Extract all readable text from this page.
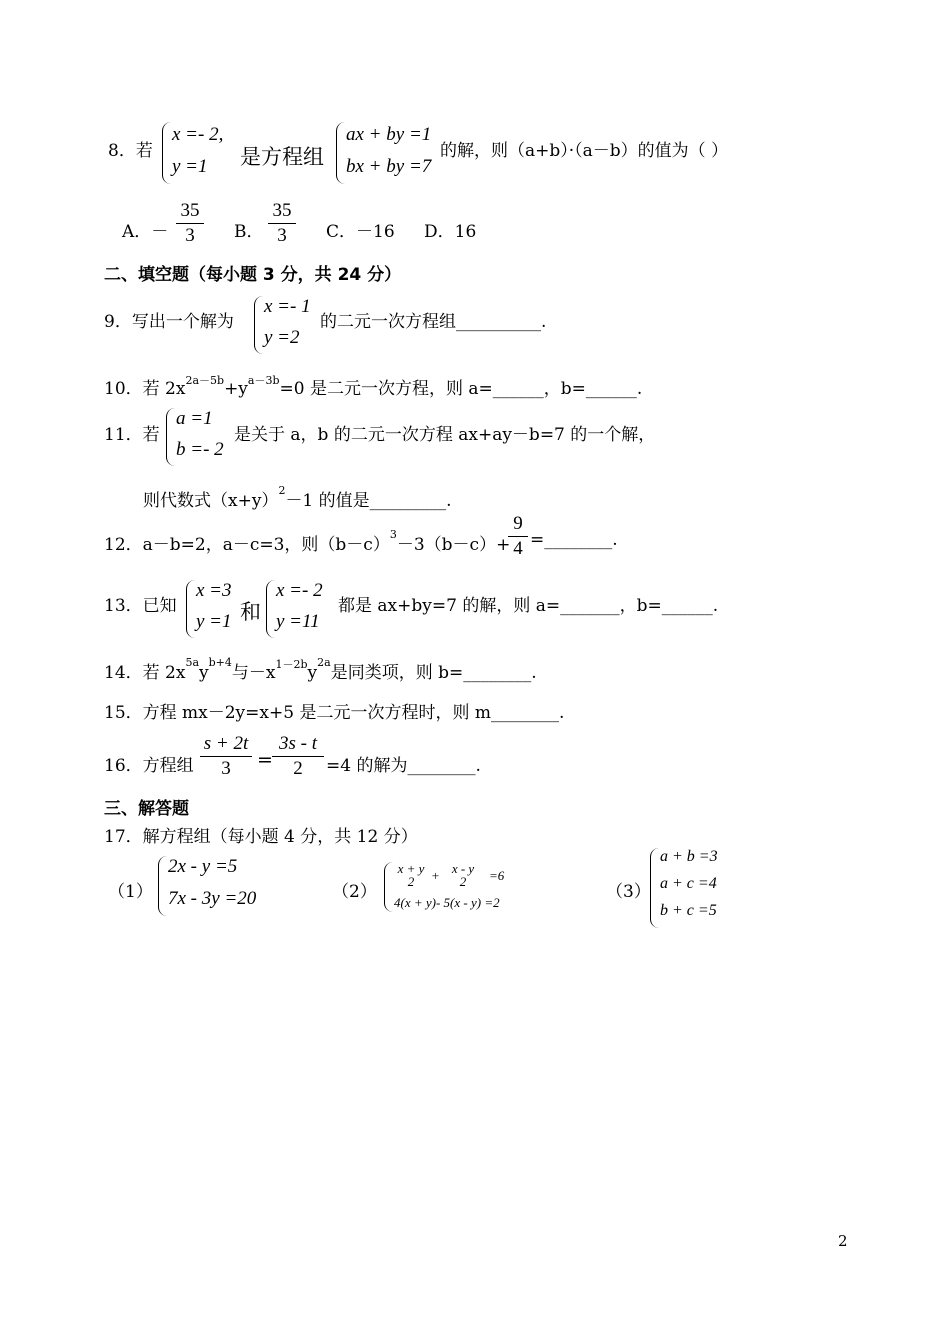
8．若
x =- 2,
y =1 是方程组
ax + by =1
bx + by =7
的解，则（a+b）·（a－b）的值为（ ）
A．－
35
3	B．
35
3	C．－16 D．16
二、填空题（每小题 3 分，共 24 分）
9．写出一个解为
x =- 1
y =2
的二元一次方程组__________.
10．若 $2x^{2a-5b}+y^{a-3b}=0$ 是二元一次方程，则 a=______，b=______.
11．若
a =1
b =- 2
是关于 a，b 的二元一次方程 ax+ay－b=7 的一个解，
则代数式$(x+y)^2-1$ 的值是_________.
12．a－b=2，a－c=3，则$(b-c)^3-3(b-c)+$
9
4 =________.
13．已知
x =3
y =1 和
x =- 2
y =11
都是 ax+by=7 的解，则 a=_______，b=______.
14．若 $2x^{5a}y^{b+4}$与$-x^{1-2b}y^{2a}$是同类项，则 b=________.
15．方程 mx－2y=x+5 是二元一次方程时，则 m________.
16．方程组
s + 2t
3	=
3s - t
2	=4 的解为________.
三、解答题
17．解方程组（每小题 4 分，共 12 分）
（1）
2x - y =5
7x - 3y =20	（2）
x + y
2	+ x - y
2	=6
4(x + y)- 5(x - y) =2
（3）
a + b =3
a + c =4
b + c =5
2
